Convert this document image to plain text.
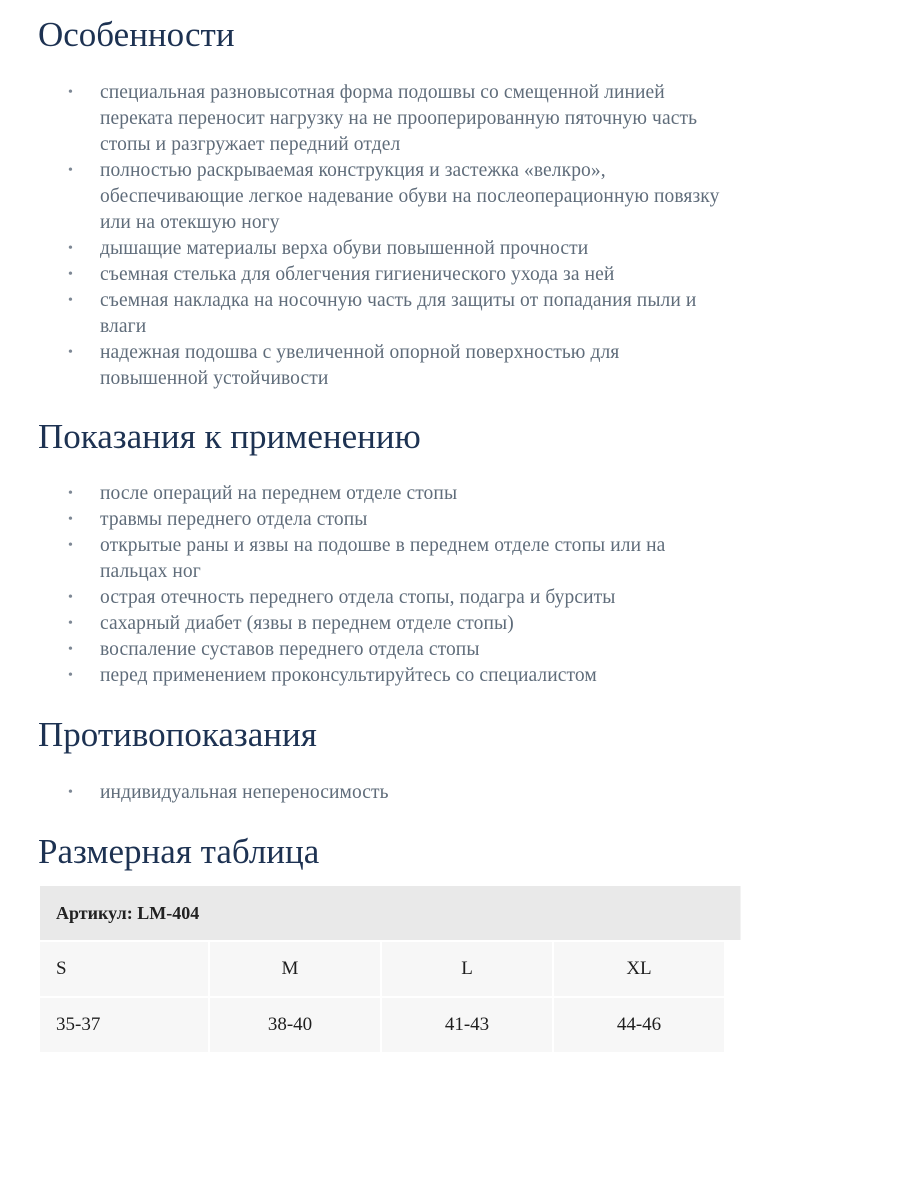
Особенности
• специальная разновысотная форма подошвы со смещенной линией
переката переносит нагрузку на не прооперированную пяточную часть
стопы и разгружает передний отдел
• полностью раскрываемая конструкция и застежка «велкро»,
обеспечивающие легкое надевание обуви на послеоперационную повязку
или на отекшую ногу
• дышащие материалы верха обуви повышенной прочности
• съемная стелька для облегчения гигиенического ухода за ней
• съемная накладка на носочную часть для защиты от попадания пыли и
влаги
• надежная подошва с увеличенной опорной поверхностью для
повышенной устойчивости
Показания к применению
• после операций на переднем отделе стопы
• травмы переднего отдела стопы
• открытые раны и язвы на подошве в переднем отделе стопы или на
пальцах ног
• острая отечность переднего отдела стопы, подагра и бурситы
• сахарный диабет (язвы в переднем отделе стопы)
• воспаление суставов переднего отдела стопы
• перед применением проконсультируйтесь со специалистом
Противопоказания
• индивидуальная непереносимость
Размерная таблица
Артикул: LM-404
S	M	L	XL
35-37	38-40	41-43	44-46
